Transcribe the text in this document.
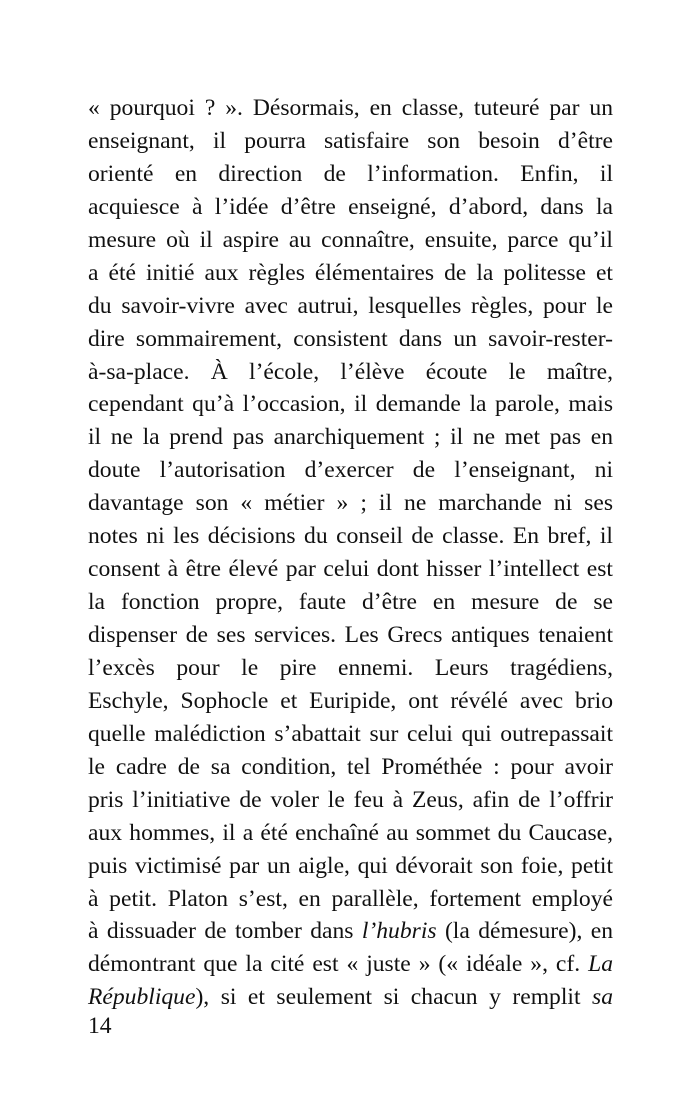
« pourquoi ? ». Désormais, en classe, tuteuré par un
enseignant, il pourra satisfaire son besoin d’être
orienté en direction de l’information. Enfin, il
acquiesce à l’idée d’être enseigné, d’abord, dans la
mesure où il aspire au connaître, ensuite, parce qu’il
a été initié aux règles élémentaires de la politesse et
du savoir-vivre avec autrui, lesquelles règles, pour le
dire sommairement, consistent dans un savoir-rester-
à-sa-place. À l’école, l’élève écoute le maître,
cependant qu’à l’occasion, il demande la parole, mais
il ne la prend pas anarchiquement ; il ne met pas en
doute l’autorisation d’exercer de l’enseignant, ni
davantage son « métier » ; il ne marchande ni ses
notes ni les décisions du conseil de classe. En bref, il
consent à être élevé par celui dont hisser l’intellect est
la fonction propre, faute d’être en mesure de se
dispenser de ses services. Les Grecs antiques tenaient
l’excès pour le pire ennemi. Leurs tragédiens,
Eschyle, Sophocle et Euripide, ont révélé avec brio
quelle malédiction s’abattait sur celui qui outrepassait
le cadre de sa condition, tel Prométhée : pour avoir
pris l’initiative de voler le feu à Zeus, afin de l’offrir
aux hommes, il a été enchaîné au sommet du Caucase,
puis victimisé par un aigle, qui dévorait son foie, petit
à petit. Platon s’est, en parallèle, fortement employé
à dissuader de tomber dans l’hubris (la démesure), en
démontrant que la cité est « juste » (« idéale », cf. La
République), si et seulement si chacun y remplit sa
14
